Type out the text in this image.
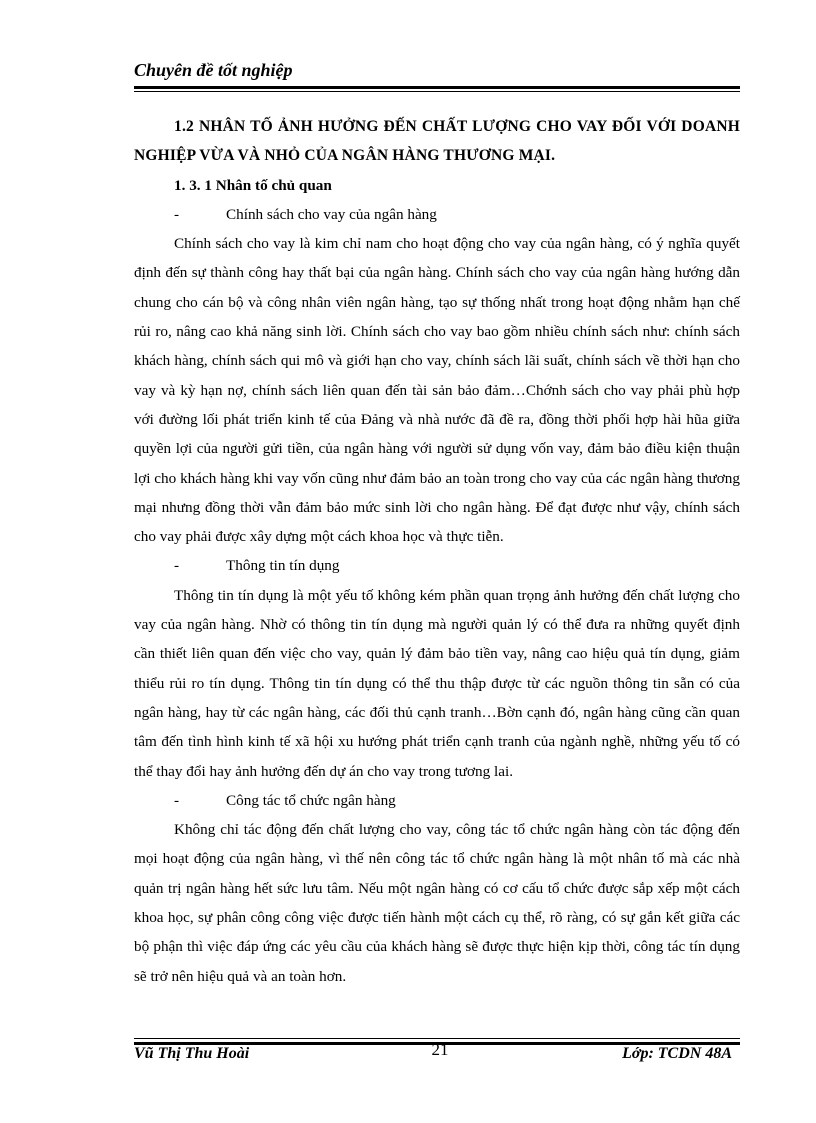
Chuyên đề tốt nghiệp

1.2 NHÂN TỐ ẢNH HƯỞNG ĐẾN CHẤT LƯỢNG CHO VAY ĐỐI VỚI DOANH NGHIỆP VỪA VÀ NHỎ CỦA NGÂN HÀNG THƯƠNG MẠI.

1. 3. 1 Nhân tố chủ quan

-	Chính sách cho vay của ngân hàng

Chính sách cho vay là kim chỉ nam cho hoạt động cho vay của ngân hàng, có ý nghĩa quyết định đến sự thành công hay thất bại của ngân hàng. Chính sách cho vay của ngân hàng hướng dẫn chung cho cán bộ và công nhân viên ngân hàng, tạo sự thống nhất trong hoạt động nhằm hạn chế rủi ro, nâng cao khả năng sinh lời. Chính sách cho vay bao gồm nhiều chính sách như: chính sách khách hàng, chính sách qui mô và giới hạn cho vay, chính sách lãi suất, chính sách về thời hạn cho vay và kỳ hạn nợ, chính sách liên quan đến tài sản bảo đảm…Chớnh sách cho vay phải phù hợp với đường lối phát triển kinh tế của Đảng và nhà nước đã đề ra, đồng thời phối hợp hài hũa giữa quyền lợi của người gửi tiền, của ngân hàng với người sử dụng vốn vay, đảm bảo điều kiện thuận lợi cho khách hàng khi vay vốn cũng như đảm bảo an toàn trong cho vay của các ngân hàng thương mại nhưng đồng thời vẫn đảm bảo mức sinh lời cho ngân hàng. Để đạt được như vậy, chính sách cho vay phải được xây dựng một cách khoa học và thực tiễn.

-	Thông tin tín dụng

Thông tin tín dụng là một yếu tố không kém phần quan trọng ảnh hưởng đến chất lượng cho vay của ngân hàng. Nhờ có thông tin tín dụng mà người quản lý có thể đưa ra những quyết định cần thiết liên quan đến việc cho vay, quản lý đảm bảo tiền vay, nâng cao hiệu quả tín dụng, giảm thiểu rủi ro tín dụng. Thông tin tín dụng có thể thu thập được từ các nguồn thông tin sẵn có của ngân hàng, hay từ các ngân hàng, các đối thủ cạnh tranh…Bờn cạnh đó, ngân hàng cũng cần quan tâm đến tình hình kinh tế xã hội xu hướng phát triển cạnh tranh của ngành nghề, những yếu tố có thể thay đổi hay ảnh hưởng đến dự án cho vay trong tương lai.

-	Công tác tổ chức ngân hàng

Không chỉ tác động đến chất lượng cho vay, công tác tổ chức ngân hàng còn tác động đến mọi hoạt động của ngân hàng, vì thế nên công tác tổ chức ngân hàng là một nhân tố mà các nhà quản trị ngân hàng hết sức lưu tâm. Nếu một ngân hàng có cơ cấu tổ chức được sắp xếp một cách khoa học, sự phân công công việc được tiến hành một cách cụ thể, rõ ràng, có sự gắn kết giữa các bộ phận thì việc đáp ứng các yêu cầu của khách hàng sẽ được thực hiện kịp thời, công tác tín dụng sẽ trở nên hiệu quả và an toàn hơn.

Vũ Thị Thu Hoài	21	Lớp: TCDN 48A
